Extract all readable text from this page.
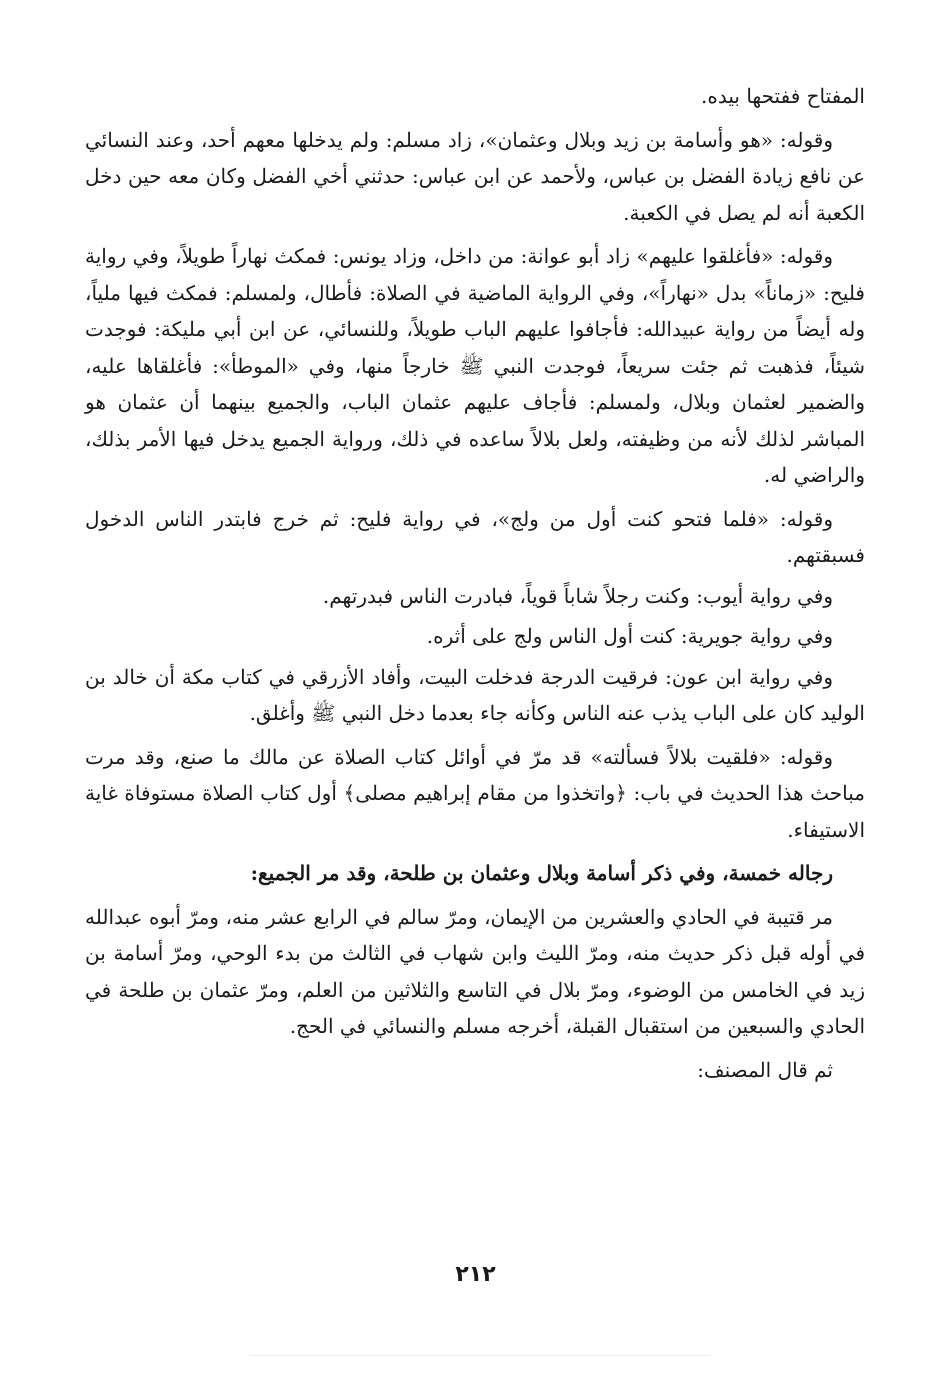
المفتاح ففتحها بيده.

وقوله: «هو وأسامة بن زيد وبلال وعثمان»، زاد مسلم: ولم يدخلها معهم أحد، وعند النسائي عن نافع زيادة الفضل بن عباس، ولأحمد عن ابن عباس: حدثني أخي الفضل وكان معه حين دخل الكعبة أنه لم يصل في الكعبة.

وقوله: «فأغلقوا عليهم» زاد أبو عوانة: من داخل، وزاد يونس: فمكث نهاراً طويلاً، وفي رواية فليح: «زماناً» بدل «نهاراً»، وفي الرواية الماضية في الصلاة: فأطال، ولمسلم: فمكث فيها ملياً، وله أيضاً من رواية عبيدالله: فأجافوا عليهم الباب طويلاً، وللنسائي، عن ابن أبي مليكة: فوجدت شيئاً، فذهبت ثم جئت سريعاً، فوجدت النبي ﷺ خارجاً منها، وفي «الموطأ»: فأغلقاها عليه، والضمير لعثمان وبلال، ولمسلم: فأجاف عليهم عثمان الباب، والجميع بينهما أن عثمان هو المباشر لذلك لأنه من وظيفته، ولعل بلالاً ساعده في ذلك، ورواية الجميع يدخل فيها الأمر بذلك، والراضي له.

وقوله: «فلما فتحو كنت أول من ولج»، في رواية فليح: ثم خرج فابتدر الناس الدخول فسبقتهم.

وفي رواية أيوب: وكنت رجلاً شاباً قوياً، فبادرت الناس فبدرتهم.

وفي رواية جويرية: كنت أول الناس ولج على أثره.

وفي رواية ابن عون: فرقيت الدرجة فدخلت البيت، وأفاد الأزرقي في كتاب مكة أن خالد بن الوليد كان على الباب يذب عنه الناس وكأنه جاء بعدما دخل النبي ﷺ وأغلق.

وقوله: «فلقيت بلالاً فسألته» قد مرّ في أوائل كتاب الصلاة عن مالك ما صنع، وقد مرت مباحث هذا الحديث في باب: ﴿واتخذوا من مقام إبراهيم مصلى﴾ أول كتاب الصلاة مستوفاة غاية الاستيفاء.

رجاله خمسة، وفي ذكر أسامة وبلال وعثمان بن طلحة، وقد مر الجميع:

مر قتيبة في الحادي والعشرين من الإيمان، ومرّ سالم في الرابع عشر منه، ومرّ أبوه عبدالله في أوله قبل ذكر حديث منه، ومرّ الليث وابن شهاب في الثالث من بدء الوحي، ومرّ أسامة بن زيد في الخامس من الوضوء، ومرّ بلال في التاسع والثلاثين من العلم، ومرّ عثمان بن طلحة في الحادي والسبعين من استقبال القبلة، أخرجه مسلم والنسائي في الحج.

ثم قال المصنف:

٢١٢
